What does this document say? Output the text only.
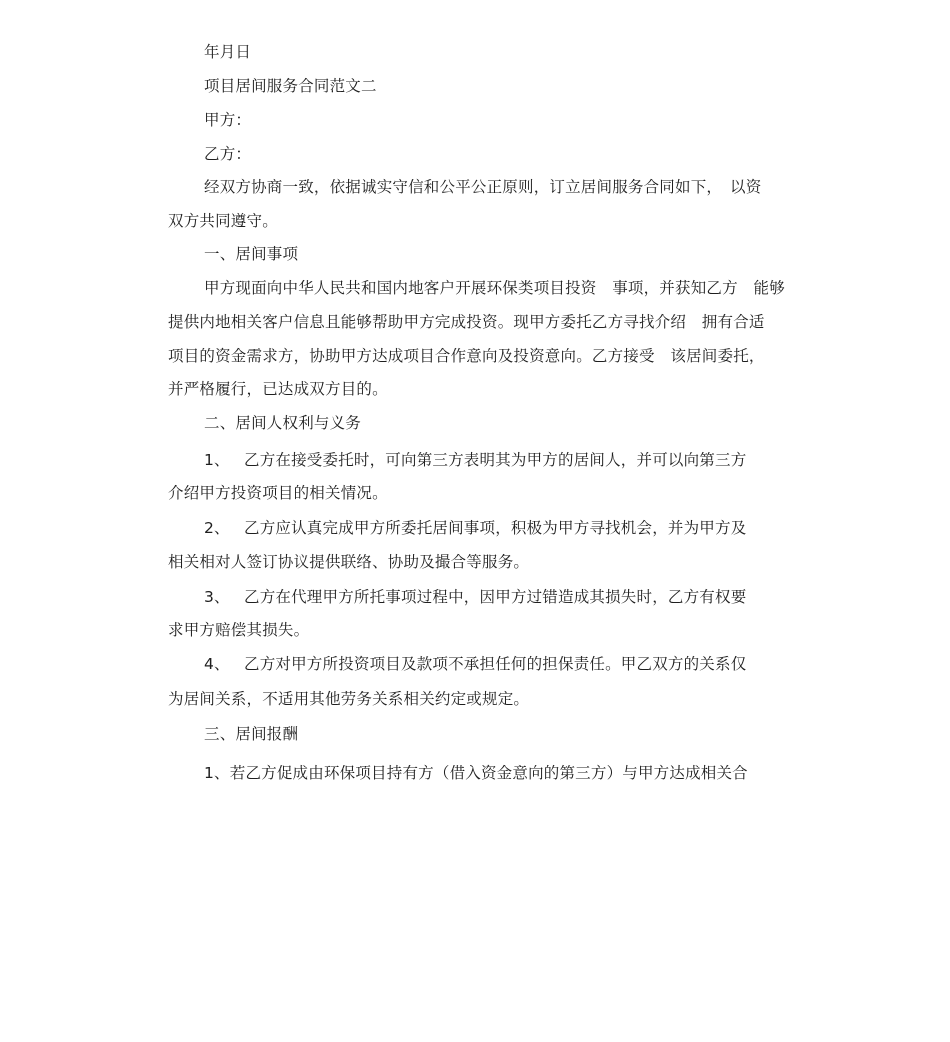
年月日
项目居间服务合同范文二
甲方：
乙方：
经双方协商一致，依据诚实守信和公平公正原则，订立居间服务合同如下，　以资
双方共同遵守。
一、居间事项
甲方现面向中华人民共和国内地客户开展环保类项目投资　事项，并获知乙方　能够
提供内地相关客户信息且能够帮助甲方完成投资。现甲方委托乙方寻找介绍　拥有合适
项目的资金需求方，协助甲方达成项目合作意向及投资意向。乙方接受　该居间委托，
并严格履行，已达成双方目的。
二、居间人权利与义务
1、 乙方在接受委托时，可向第三方表明其为甲方的居间人，并可以向第三方
介绍甲方投资项目的相关情况。
2、 乙方应认真完成甲方所委托居间事项，积极为甲方寻找机会，并为甲方及
相关相对人签订协议提供联络、协助及撮合等服务。
3、 乙方在代理甲方所托事项过程中，因甲方过错造成其损失时，乙方有权要
求甲方赔偿其损失。
4、 乙方对甲方所投资项目及款项不承担任何的担保责任。甲乙双方的关系仅
为居间关系，不适用其他劳务关系相关约定或规定。
三、居间报酬
1、若乙方促成由环保项目持有方（借入资金意向的第三方）与甲方达成相关合
